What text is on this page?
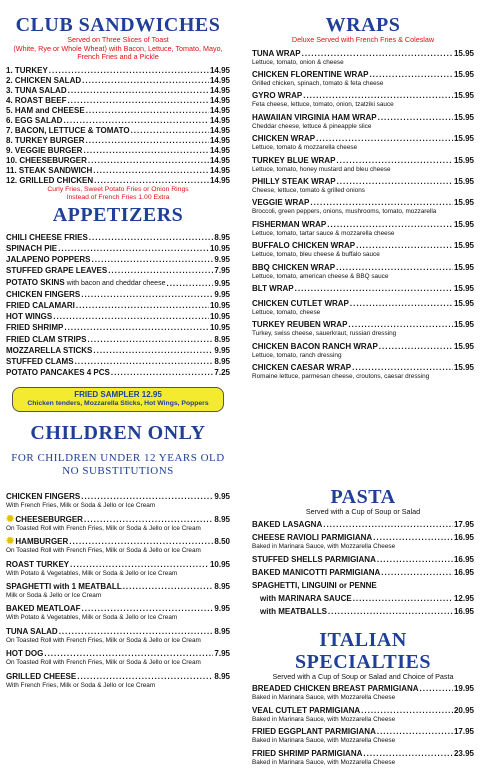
CLUB SANDWICHES
Served on Three Slices of Toast
(White, Rye or Whole Wheat) with Bacon, Lettuce, Tomato, Mayo,
French Fries and a Pickle
1. TURKEY .....	14.95
2. CHICKEN SALAD .....	14.95
3. TUNA SALAD .....	14.95
4. ROAST BEEF .....	14.95
5. HAM and CHEESE .....	14.95
6. EGG SALAD .....	14.95
7. BACON, LETTUCE & TOMATO .....	14.95
8. TURKEY BURGER .....	14.95
9. VEGGIE BURGER .....	14.95
10. CHEESEBURGER .....	14.95
11. STEAK SANDWICH .....	14.95
12. GRILLED CHICKEN .....	14.95
Curly Fries, Sweet Potato Fries or Onion Rings
Instead of French Fries 1.00 Extra
APPETIZERS
CHILI CHEESE FRIES .....	8.95
SPINACH PIE .....	10.95
JALAPENO POPPERS .....	9.95
STUFFED GRAPE LEAVES .....	7.95
POTATO SKINS with bacon and cheddar cheese .....	9.95
CHICKEN FINGERS .....	9.95
FRIED CALAMARI .....	10.95
HOT WINGS .....	10.95
FRIED SHRIMP .....	10.95
FRIED CLAM STRIPS .....	8.95
MOZZARELLA STICKS .....	9.95
STUFFED CLAMS .....	8.95
POTATO PANCAKES 4 PCS .....	7.25
FRIED SAMPLER 12.95
Chicken tenders, Mozzarella Sticks, Hot Wings, Poppers
CHILDREN ONLY
FOR CHILDREN UNDER 12 YEARS OLD
NO SUBSTITUTIONS
CHICKEN FINGERS .....	9.95
With French Fries, Milk or Soda & Jello or Ice Cream
✹CHEESEBURGER .....	8.95
On Toasted Roll with French Fries, Milk or Soda & Jello or Ice Cream
✹HAMBURGER .....	8.50
On Toasted Roll with French Fries, Milk or Soda & Jello or Ice Cream
ROAST TURKEY .....	10.95
With Potato & Vegetables, Milk or Soda & Jello or Ice Cream
SPAGHETTI with 1 MEATBALL .....	8.95
Milk or Soda & Jello or Ice Cream
BAKED MEATLOAF .....	9.95
With Potato & Vegetables, Milk or Soda & Jello or Ice Cream
TUNA SALAD .....	8.95
On Toasted Roll with French Fries, Milk or Soda & Jello or Ice Cream
HOT DOG .....	7.95
On Toasted Roll with French Fries, Milk or Soda & Jello or Ice Cream
GRILLED CHEESE .....	8.95
With French Fries, Milk or Soda & Jello or Ice Cream
WRAPS
Deluxe Served with French Fries & Coleslaw
TUNA WRAP .....	15.95
Lettuce, tomato, onion & cheese
CHICKEN FLORENTINE WRAP .....	15.95
Grilled chicken, spinach, tomato & feta cheese
GYRO WRAP .....	15.95
Feta cheese, lettuce, tomato, onion, tzatziki sauce
HAWAIIAN VIRGINIA HAM WRAP .....	15.95
Cheddar cheese, lettuce & pineapple slice
CHICKEN WRAP .....	15.95
Lettuce, tomato & mozzarella cheese
TURKEY BLUE WRAP .....	15.95
Lettuce, tomato, honey mustard and bleu cheese
PHILLY STEAK WRAP .....	15.95
Cheese, lettuce, tomato & grilled onions
VEGGIE WRAP .....	15.95
Broccoli, green peppers, onions, mushrooms, tomato, mozzarella
FISHERMAN WRAP .....	15.95
Lettuce, tomato, tartar sauce & mozzarella cheese
BUFFALO CHICKEN WRAP .....	15.95
Lettuce, tomato, bleu cheese & buffalo sauce
BBQ CHICKEN WRAP .....	15.95
Lettuce, tomato, american cheese & BBQ sauce
BLT WRAP .....	15.95
CHICKEN CUTLET WRAP .....	15.95
Lettuce, tomato, cheese
TURKEY REUBEN WRAP .....	15.95
Turkey, swiss cheese, sauerkraut, russian dressing
CHICKEN BACON RANCH WRAP .....	15.95
Lettuce, tomato, ranch dressing
CHICKEN CAESAR WRAP .....	15.95
Romaine lettuce, parmesan cheese, croutons, caesar dressing
PASTA
Served with a Cup of Soup or Salad
BAKED LASAGNA .....	17.95
CHEESE RAVIOLI PARMIGIANA .....	16.95
Baked in Marinara Sauce, with Mozzarella Cheese
STUFFED SHELLS PARMIGIANA .....	16.95
BAKED MANICOTTI PARMIGIANA .....	16.95
SPAGHETTI, LINGUINI or PENNE
with MARINARA SAUCE .....	12.95
with MEATBALLS .....	16.95
ITALIAN SPECIALTIES
Served with a Cup of Soup or Salad and Choice of Pasta
BREADED CHICKEN BREAST PARMIGIANA .....	19.95
Baked in Marinara Sauce, with Mozzarella Cheese
VEAL CUTLET PARMIGIANA .....	20.95
Baked in Marinara Sauce, with Mozzarella Cheese
FRIED EGGPLANT PARMIGIANA .....	17.95
Baked in Marinara Sauce, with Mozzarella Cheese
FRIED SHRIMP PARMIGIANA .....	23.95
Baked in Marinara Sauce, with Mozzarella Cheese
